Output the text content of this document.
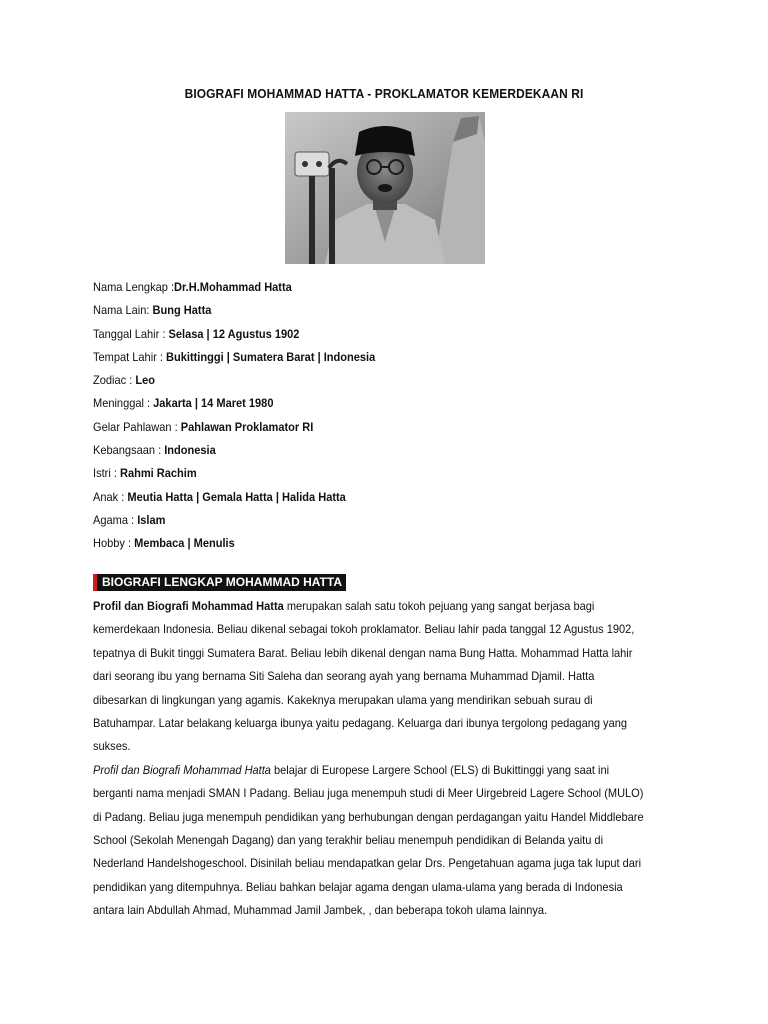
BIOGRAFI MOHAMMAD HATTA - PROKLAMATOR KEMERDEKAAN RI
Nama Lengkap :Dr.H.Mohammad Hatta
Nama Lain: Bung Hatta
Tanggal Lahir : Selasa | 12 Agustus 1902
Tempat Lahir : Bukittinggi | Sumatera Barat | Indonesia
Zodiac : Leo
Meninggal : Jakarta | 14 Maret 1980
Gelar Pahlawan : Pahlawan Proklamator RI
Kebangsaan : Indonesia
Istri : Rahmi Rachim
Anak : Meutia Hatta | Gemala Hatta | Halida Hatta
Agama : Islam
Hobby : Membaca | Menulis
BIOGRAFI LENGKAP MOHAMMAD HATTA
Profil dan Biografi Mohammad Hatta merupakan salah satu tokoh pejuang yang sangat berjasa bagi
kemerdekaan Indonesia. Beliau dikenal sebagai tokoh proklamator. Beliau lahir pada tanggal 12 Agustus 1902,
tepatnya di Bukit tinggi Sumatera Barat. Beliau lebih dikenal dengan nama Bung Hatta. Mohammad Hatta lahir
dari seorang ibu yang bernama Siti Saleha dan seorang ayah yang bernama Muhammad Djamil. Hatta
dibesarkan di lingkungan yang agamis. Kakeknya merupakan ulama yang mendirikan sebuah surau di
Batuhampar. Latar belakang keluarga ibunya yaitu pedagang. Keluarga dari ibunya tergolong pedagang yang
sukses.
Profil dan Biografi Mohammad Hatta belajar di Europese Largere School (ELS) di Bukittinggi yang saat ini
berganti nama menjadi SMAN I Padang. Beliau juga menempuh studi di Meer Uirgebreid Lagere School (MULO)
di Padang. Beliau juga menempuh pendidikan yang berhubungan dengan perdagangan yaitu Handel Middlebare
School (Sekolah Menengah Dagang) dan yang terakhir beliau menempuh pendidikan di Belanda yaitu di
Nederland Handelshogeschool. Disinilah beliau mendapatkan gelar Drs. Pengetahuan agama juga tak luput dari
pendidikan yang ditempuhnya. Beliau bahkan belajar agama dengan ulama-ulama yang berada di Indonesia
antara lain Abdullah Ahmad, Muhammad Jamil Jambek, , dan beberapa tokoh ulama lainnya.
